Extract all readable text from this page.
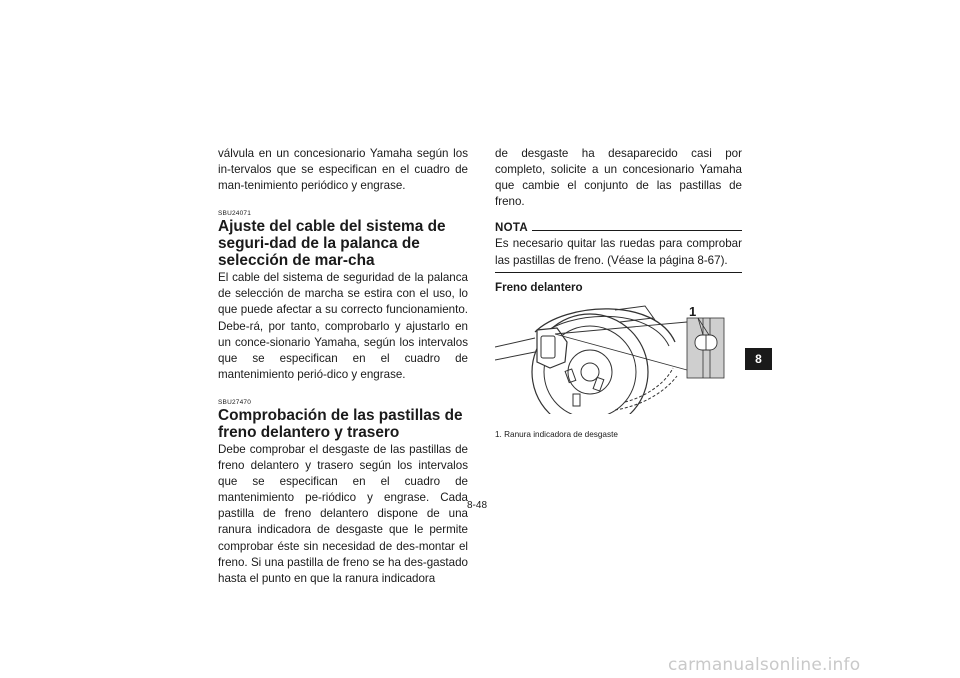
válvula en un concesionario Yamaha según los in-tervalos que se especifican en el cuadro de man-tenimiento periódico y engrase.

SBU24071
Ajuste del cable del sistema de seguri-dad de la palanca de selección de mar-cha

El cable del sistema de seguridad de la palanca de selección de marcha se estira con el uso, lo que puede afectar a su correcto funcionamiento. Debe-rá, por tanto, comprobarlo y ajustarlo en un conce-sionario Yamaha, según los intervalos que se especifican en el cuadro de mantenimiento perió-dico y engrase.

SBU27470
Comprobación de las pastillas de freno delantero y trasero

Debe comprobar el desgaste de las pastillas de freno delantero y trasero según los intervalos que se especifican en el cuadro de mantenimiento pe-riódico y engrase. Cada pastilla de freno delantero dispone de una ranura indicadora de desgaste que le permite comprobar éste sin necesidad de des-montar el freno. Si una pastilla de freno se ha des-gastado hasta el punto en que la ranura indicadora

de desgaste ha desaparecido casi por completo, solicite a un concesionario Yamaha que cambie el conjunto de las pastillas de freno.

NOTA

Es necesario quitar las ruedas para comprobar las pastillas de freno. (Véase la página 8-67).

Freno delantero
1
1. Ranura indicadora de desgaste
8-48
8
carmanualsonline.info
